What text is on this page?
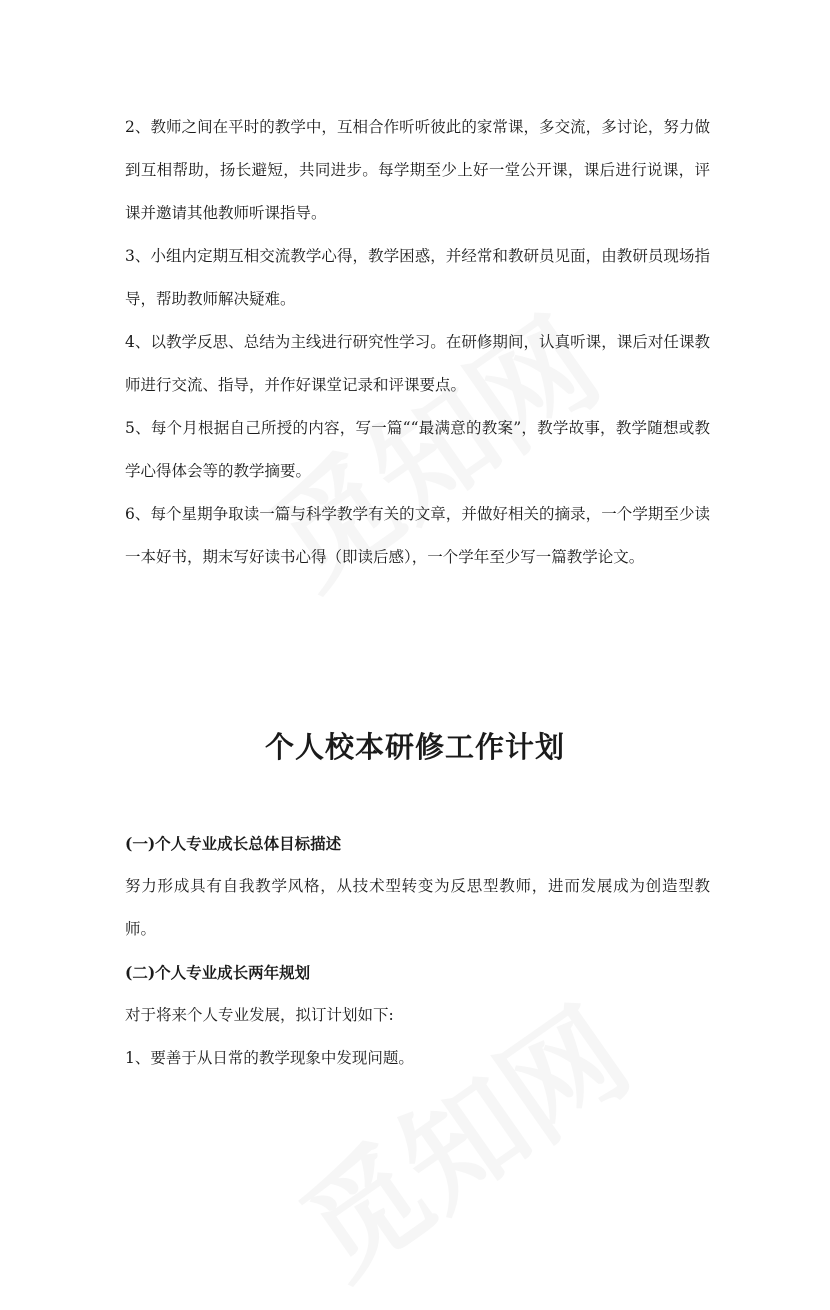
2、教师之间在平时的教学中，互相合作听听彼此的家常课，多交流，多讨论，努力做到互相帮助，扬长避短，共同进步。每学期至少上好一堂公开课，课后进行说课，评课并邀请其他教师听课指导。

3、小组内定期互相交流教学心得，教学困惑，并经常和教研员见面，由教研员现场指导，帮助教师解决疑难。

4、以教学反思、总结为主线进行研究性学习。在研修期间，认真听课，课后对任课教师进行交流、指导，并作好课堂记录和评课要点。

5、每个月根据自己所授的内容，写一篇““最满意的教案”，教学故事，教学随想或教学心得体会等的教学摘要。

6、每个星期争取读一篇与科学教学有关的文章，并做好相关的摘录，一个学期至少读一本好书，期末写好读书心得（即读后感），一个学年至少写一篇教学论文。

个人校本研修工作计划

(一)个人专业成长总体目标描述

努力形成具有自我教学风格，从技术型转变为反思型教师，进而发展成为创造型教师。

(二)个人专业成长两年规划

对于将来个人专业发展，拟订计划如下:

1、要善于从日常的教学现象中发现问题。
